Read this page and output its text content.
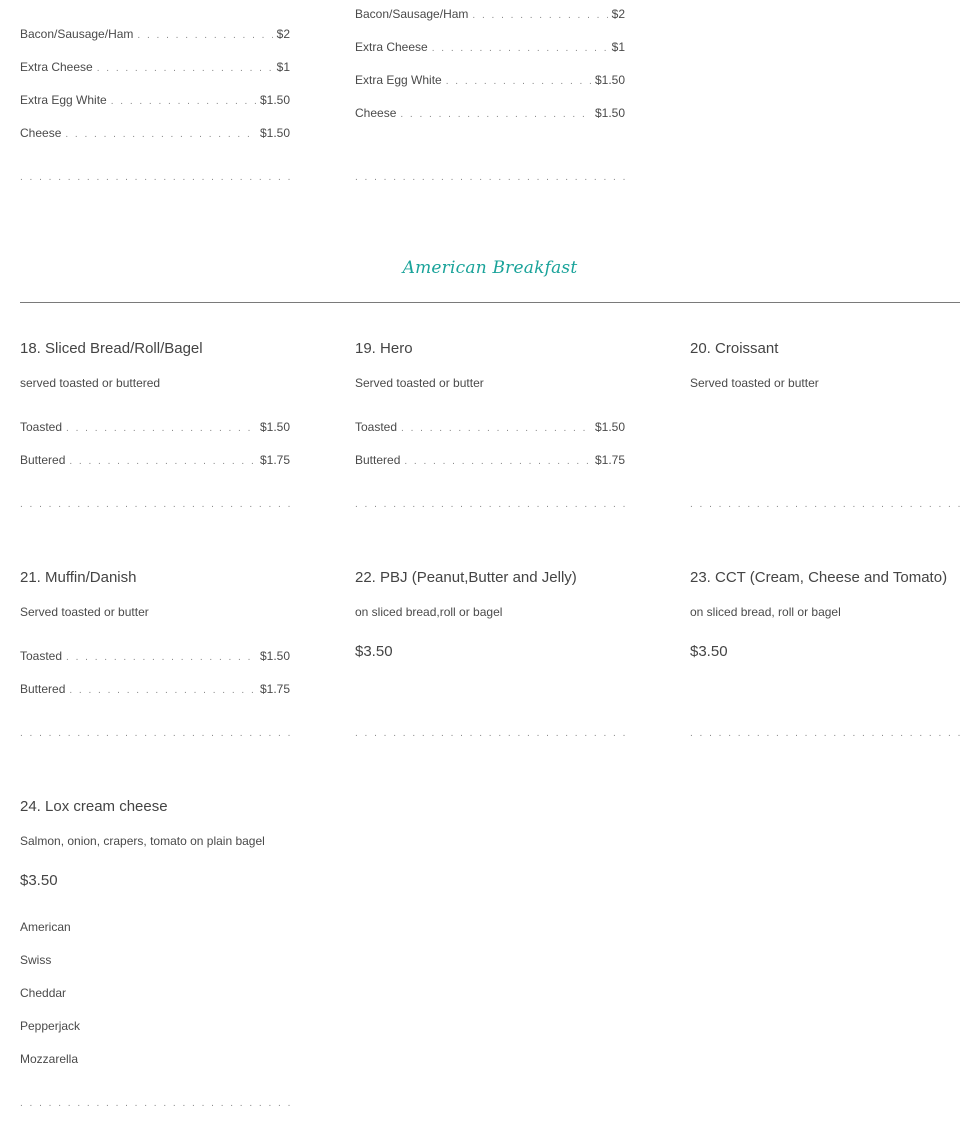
Bacon/Sausage/Ham . . .	$2
Extra Cheese . . .	$1
Extra Egg White . . .	$1.50
Cheese . . .	$1.50
. . .
Bacon/Sausage/Ham . . .	$2
Extra Cheese . . .	$1
Extra Egg White . . .	$1.50
Cheese . . .	$1.50
. . .
American Breakfast
18. Sliced Bread/Roll/Bagel
served toasted or buttered
Toasted . . .	$1.50
Buttered . . .	$1.75
. . .
19. Hero
Served toasted or butter
Toasted . . .	$1.50
Buttered . . .	$1.75
. . .
20. Croissant
Served toasted or butter
. . .
21. Muffin/Danish
Served toasted or butter
Toasted . . .	$1.50
Buttered . . .	$1.75
. . .
22. PBJ (Peanut,Butter and Jelly)
on sliced bread,roll or bagel
$3.50
. . .
23. CCT (Cream, Cheese and Tomato)
on sliced bread, roll or bagel
$3.50
. . .
24. Lox cream cheese
Salmon, onion, crapers, tomato on plain bagel
$3.50
American
Swiss
Cheddar
Pepperjack
Mozzarella
. . .
